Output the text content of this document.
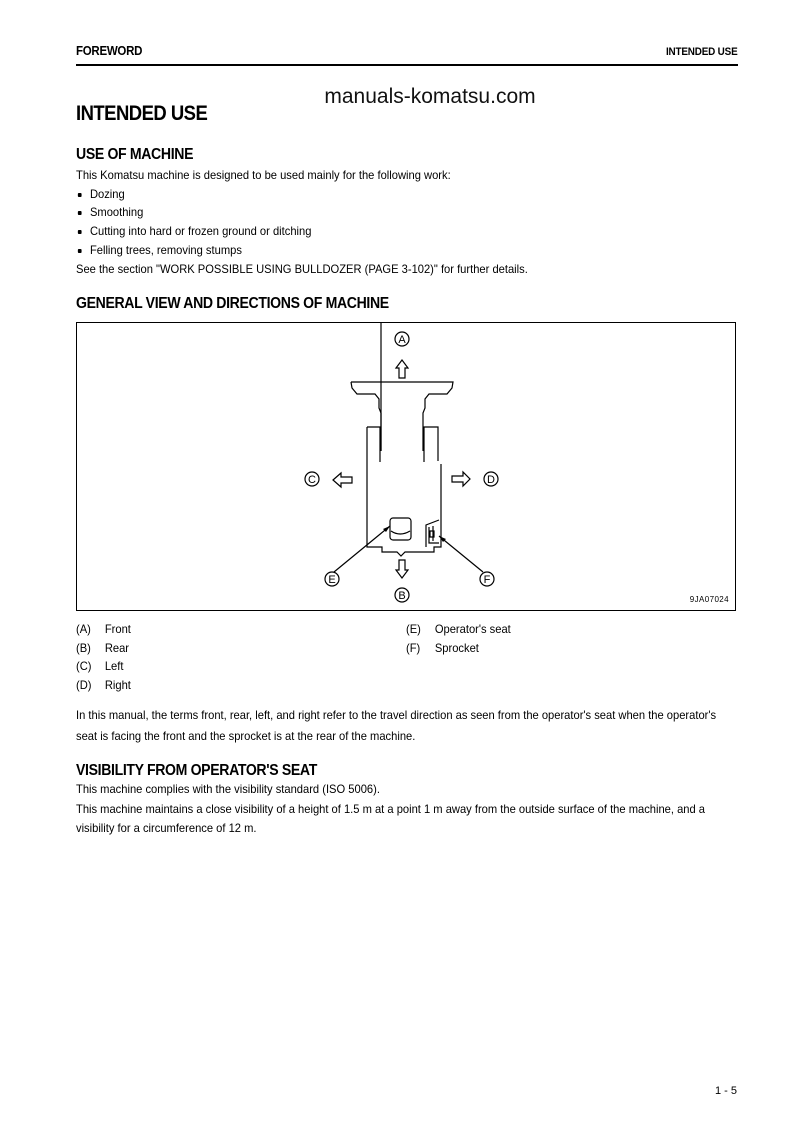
FOREWORD	INTENDED USE
manuals-komatsu.com
INTENDED USE
USE OF MACHINE
This Komatsu machine is designed to be used mainly for the following work:
Dozing
Smoothing
Cutting into hard or frozen ground or ditching
Felling trees, removing stumps
See the section "WORK POSSIBLE USING BULLDOZER (PAGE 3-102)" for further details.
GENERAL VIEW AND DIRECTIONS OF MACHINE
A
B
C	D
E	F
9JA07024
(A)	Front
(B)	Rear
(C)	Left
(D)	Right
(E)	Operator's seat
(F)	Sprocket
In this manual, the terms front, rear, left, and right refer to the travel direction as seen from the operator's seat when the operator's seat is facing the front and the sprocket is at the rear of the machine.
VISIBILITY FROM OPERATOR'S SEAT
This machine complies with the visibility standard (ISO 5006).
This machine maintains a close visibility of a height of 1.5 m at a point 1 m away from the outside surface of the machine, and a visibility for a circumference of 12 m.
1 - 5
